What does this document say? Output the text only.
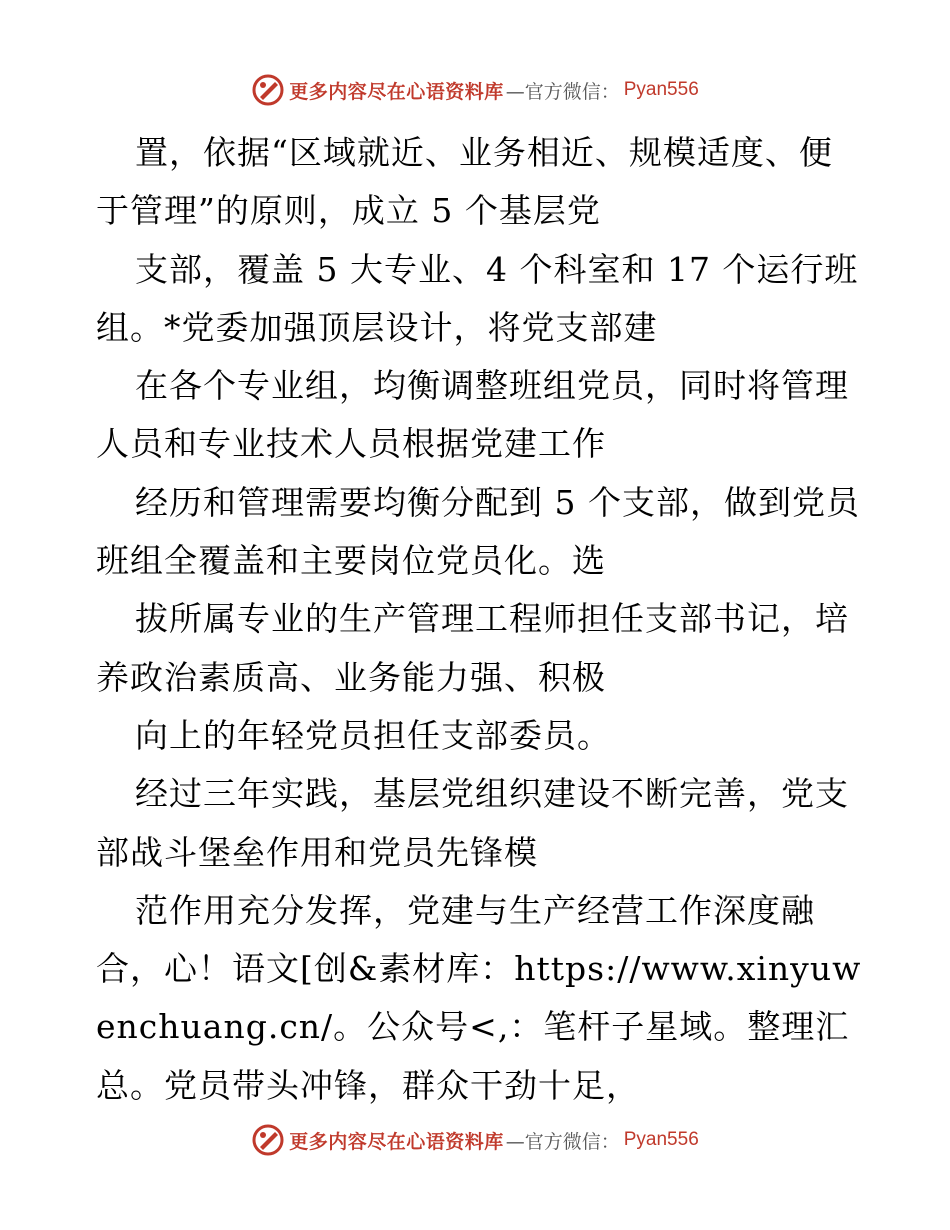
更多内容尽在心语资料库 —官方微信： Pyan556

置，依据“区域就近、业务相近、规模适度、便于管理”的原则，成立 5 个基层党

支部，覆盖 5 大专业、4 个科室和 17 个运行班组。*党委加强顶层设计，将党支部建

在各个专业组，均衡调整班组党员，同时将管理人员和专业技术人员根据党建工作

经历和管理需要均衡分配到 5 个支部，做到党员班组全覆盖和主要岗位党员化。选

拔所属专业的生产管理工程师担任支部书记，培养政治素质高、业务能力强、积极

向上的年轻党员担任支部委员。

经过三年实践，基层党组织建设不断完善，党支部战斗堡垒作用和党员先锋模

范作用充分发挥，党建与生产经营工作深度融合，心！语文[创&素材库：https://www.xinyuwenchuang.cn/。公众号<,：笔杆子星域。整理汇总。党员带头冲锋，群众干劲十足，

更多内容尽在心语资料库 —官方微信： Pyan556
